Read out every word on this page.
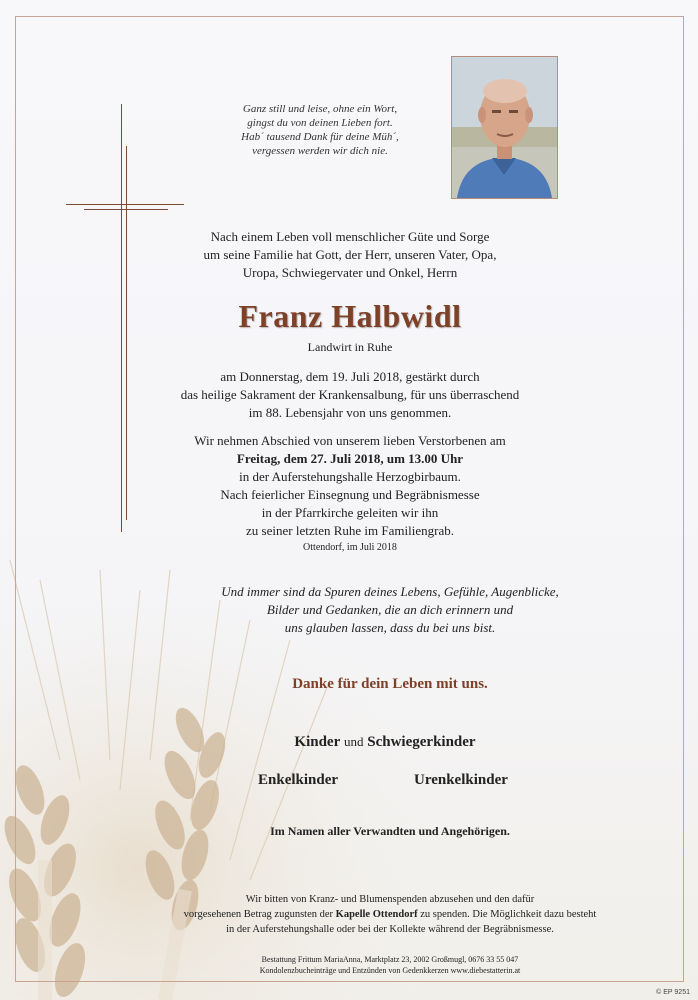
Ganz still und leise, ohne ein Wort,
gingst du von deinen Lieben fort.
Hab´ tausend Dank für deine Müh´,
vergessen werden wir dich nie.
Nach einem Leben voll menschlicher Güte und Sorge
um seine Familie hat Gott, der Herr, unseren Vater, Opa,
Uropa, Schwiegervater und Onkel, Herrn
Franz Halbwidl
Landwirt in Ruhe
am Donnerstag, dem 19. Juli 2018, gestärkt durch
das heilige Sakrament der Krankensalbung, für uns überraschend
im 88. Lebensjahr von uns genommen.
Wir nehmen Abschied von unserem lieben Verstorbenen am
Freitag, dem 27. Juli 2018, um 13.00 Uhr
in der Auferstehungshalle Herzogbirbaum.
Nach feierlicher Einsegnung und Begräbnismesse
in der Pfarrkirche geleiten wir ihn
zu seiner letzten Ruhe im Familiengrab.
Ottendorf, im Juli 2018
Und immer sind da Spuren deines Lebens, Gefühle, Augenblicke,
Bilder und Gedanken, die an dich erinnern und
uns glauben lassen, dass du bei uns bist.
Danke für dein Leben mit uns.
Kinder und Schwiegerkinder
Enkelkinder	Urenkelkinder
Im Namen aller Verwandten und Angehörigen.
Wir bitten von Kranz- und Blumenspenden abzusehen und den dafür
vorgesehenen Betrag zugunsten der Kapelle Ottendorf zu spenden. Die Möglichkeit dazu besteht
in der Auferstehungshalle oder bei der Kollekte während der Begräbnismesse.
Bestattung Frittum MariaAnna, Marktplatz 23, 2002 Großmugl, 0676 33 55 047
Kondolenzbucheinträge und Entzünden von Gedenkkerzen www.diebestatterin.at
© EP 9251
